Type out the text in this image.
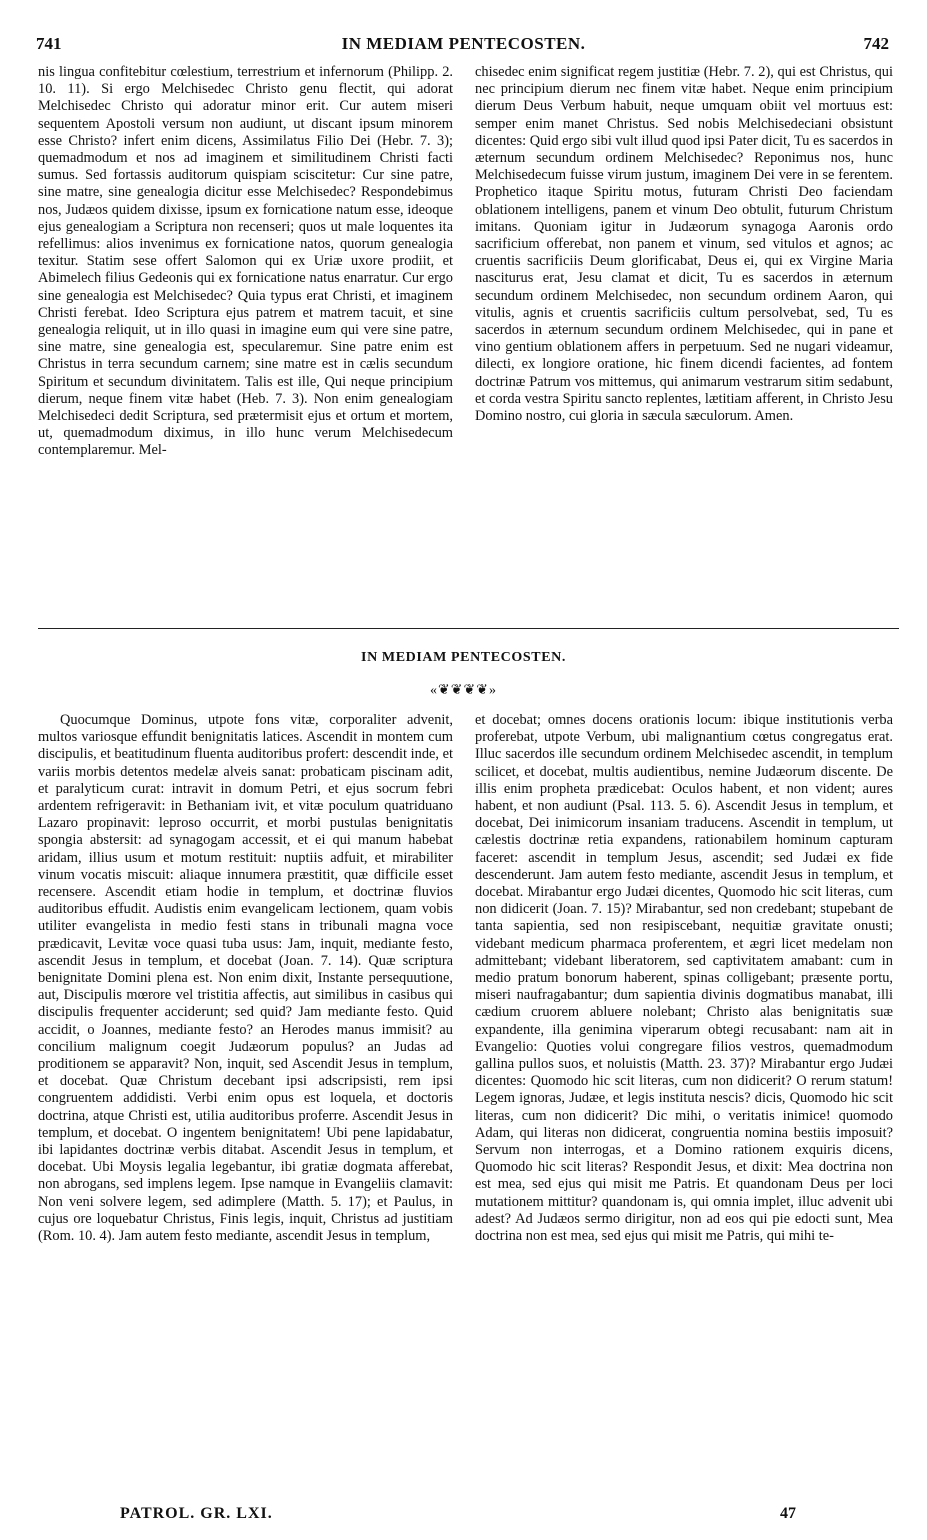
741	IN MEDIAM PENTECOSTEN.	742

nis lingua confitebitur cœlestium, terrestrium et infernorum (Philipp. 2. 10. 11). Si ergo Melchisedec Christo genu flectit, qui adorat Melchisedec Christo qui adoratur minor erit. Cur autem miseri sequentem Apostoli versum non audiunt, ut discant ipsum minorem esse Christo? infert enim dicens, Assimilatus Filio Dei (Hebr. 7. 3); quemadmodum et nos ad imaginem et similitudinem Christi facti sumus. Sed fortassis auditorum quispiam sciscitetur: Cur sine patre, sine matre, sine genealogia dicitur esse Melchisedec? Respondebimus nos, Judæos quidem dixisse, ipsum ex fornicatione natum esse, ideoque ejus genealogiam a Scriptura non recenseri; quos ut male loquentes ita refellimus: alios invenimus ex fornicatione natos, quorum genealogia texitur. Statim sese offert Salomon qui ex Uriæ uxore prodiit, et Abimelech filius Gedeonis qui ex fornicatione natus enarratur. Cur ergo sine genealogia est Melchisedec? Quia typus erat Christi, et imaginem Christi ferebat. Ideo Scriptura ejus patrem et matrem tacuit, et sine genealogia reliquit, ut in illo quasi in imagine eum qui vere sine patre, sine matre, sine genealogia est, specularemur. Sine patre enim est Christus in terra secundum carnem; sine matre est in cælis secundum Spiritum et secundum divinitatem. Talis est ille, Qui neque principium dierum, neque finem vitæ habet (Heb. 7. 3). Non enim genealogiam Melchisedeci dedit Scriptura, sed prætermisit ejus et ortum et mortem, ut, quemadmodum diximus, in illo hunc verum Melchisedecum contemplaremur. Mel-

chisedec enim significat regem justitiæ (Hebr. 7. 2), qui est Christus, qui nec principium dierum nec finem vitæ habet. Neque enim principium dierum Deus Verbum habuit, neque umquam obiit vel mortuus est: semper enim manet Christus. Sed nobis Melchisedeciani obsistunt dicentes: Quid ergo sibi vult illud quod ipsi Pater dicit, Tu es sacerdos in æternum secundum ordinem Melchisedec? Reponimus nos, hunc Melchisedecum fuisse virum justum, imaginem Dei vere in se ferentem. Prophetico itaque Spiritu motus, futuram Christi Deo faciendam oblationem intelligens, panem et vinum Deo obtulit, futurum Christum imitans. Quoniam igitur in Judæorum synagoga Aaronis ordo sacrificium offerebat, non panem et vinum, sed vitulos et agnos; ac cruentis sacrificiis Deum glorificabat, Deus ei, qui ex Virgine Maria nasciturus erat, Jesu clamat et dicit, Tu es sacerdos in æternum secundum ordinem Melchisedec, non secundum ordinem Aaron, qui vitulis, agnis et cruentis sacrificiis cultum persolvebat, sed, Tu es sacerdos in æternum secundum ordinem Melchisedec, qui in pane et vino gentium oblationem affers in perpetuum. Sed ne nugari videamur, dilecti, ex longiore oratione, hic finem dicendi facientes, ad fontem doctrinæ Patrum vos mittemus, qui animarum vestrarum sitim sedabunt, et corda vestra Spiritu sancto replentes, lætitiam afferent, in Christo Jesu Domino nostro, cui gloria in sæcula sæculorum. Amen.

IN MEDIAM PENTECOSTEN.
«❦❦❦❦»

Quocumque Dominus, utpote fons vitæ, corporaliter advenit, multos variosque effundit benignitatis latices. Ascendit in montem cum discipulis, et beatitudinum fluenta auditoribus profert: descendit inde, et variis morbis detentos medelæ alveis sanat: probaticam piscinam adit, et paralyticum curat: intravit in domum Petri, et ejus socrum febri ardentem refrigeravit: in Bethaniam ivit, et vitæ poculum quatriduano Lazaro propinavit: leproso occurrit, et morbi pustulas benignitatis spongia abstersit: ad synagogam accessit, et ei qui manum habebat aridam, illius usum et motum restituit: nuptiis adfuit, et mirabiliter vinum vocatis miscuit: aliaque innumera præstitit, quæ difficile esset recensere. Ascendit etiam hodie in templum, et doctrinæ fluvios auditoribus effudit. Audistis enim evangelicam lectionem, quam vobis utiliter evangelista in medio festi stans in tribunali magna voce prædicavit, Levitæ voce quasi tuba usus: Jam, inquit, mediante festo, ascendit Jesus in templum, et docebat (Joan. 7. 14). Quæ scriptura benignitate Domini plena est. Non enim dixit, Instante persequutione, aut, Discipulis mœrore vel tristitia affectis, aut similibus in casibus qui discipulis frequenter acciderunt; sed quid? Jam mediante festo. Quid accidit, o Joannes, mediante festo? an Herodes manus immisit? au concilium malignum coegit Judæorum populus? an Judas ad proditionem se apparavit? Non, inquit, sed Ascendit Jesus in templum, et docebat. Quæ Christum decebant ipsi adscripsisti, rem ipsi congruentem addidisti. Verbi enim opus est loquela, et doctoris doctrina, atque Christi est, utilia auditoribus proferre. Ascendit Jesus in templum, et docebat. O ingentem benignitatem! Ubi pene lapidabatur, ibi lapidantes doctrinæ verbis ditabat. Ascendit Jesus in templum, et docebat. Ubi Moysis legalia legebantur, ibi gratiæ dogmata afferebat, non abrogans, sed implens legem. Ipse namque in Evangeliis clamavit: Non veni solvere legem, sed adimplere (Matth. 5. 17); et Paulus, in cujus ore loquebatur Christus, Finis legis, inquit, Christus ad justitiam (Rom. 10. 4). Jam autem festo mediante, ascendit Jesus in templum,

et docebat; omnes docens orationis locum: ibique institutionis verba proferebat, utpote Verbum, ubi malignantium cœtus congregatus erat. Illuc sacerdos ille secundum ordinem Melchisedec ascendit, in templum scilicet, et docebat, multis audientibus, nemine Judæorum discente. De illis enim propheta prædicebat: Oculos habent, et non vident; aures habent, et non audiunt (Psal. 113. 5. 6). Ascendit Jesus in templum, et docebat, Dei inimicorum insaniam traducens. Ascendit in templum, ut cælestis doctrinæ retia expandens, rationabilem hominum capturam faceret: ascendit in templum Jesus, ascendit; sed Judæi ex fide descenderunt. Jam autem festo mediante, ascendit Jesus in templum, et docebat. Mirabantur ergo Judæi dicentes, Quomodo hic scit literas, cum non didicerit (Joan. 7. 15)? Mirabantur, sed non credebant; stupebant de tanta sapientia, sed non resipiscebant, nequitiæ gravitate onusti; videbant medicum pharmaca proferentem, et ægri licet medelam non admittebant; videbant liberatorem, sed captivitatem amabant: cum in medio pratum bonorum haberent, spinas colligebant; præsente portu, miseri naufragabantur; dum sapientia divinis dogmatibus manabat, illi cædium cruorem abluere nolebant; Christo alas benignitatis suæ expandente, illa genimina viperarum obtegi recusabant: nam ait in Evangelio: Quoties volui congregare filios vestros, quemadmodum gallina pullos suos, et noluistis (Matth. 23. 37)? Mirabantur ergo Judæi dicentes: Quomodo hic scit literas, cum non didicerit? O rerum statum! Legem ignoras, Judæe, et legis instituta nescis? dicis, Quomodo hic scit literas, cum non didicerit? Dic mihi, o veritatis inimice! quomodo Adam, qui literas non didicerat, congruentia nomina bestiis imposuit? Servum non interrogas, et a Domino rationem exquiris dicens, Quomodo hic scit literas? Respondit Jesus, et dixit: Mea doctrina non est mea, sed ejus qui misit me Patris. Et quandonam Deus per loci mutationem mittitur? quandonam is, qui omnia implet, illuc advenit ubi adest? Ad Judæos sermo dirigitur, non ad eos qui pie edocti sunt, Mea doctrina non est mea, sed ejus qui misit me Patris, qui mihi te-

PATROL. GR. LXI.	47
